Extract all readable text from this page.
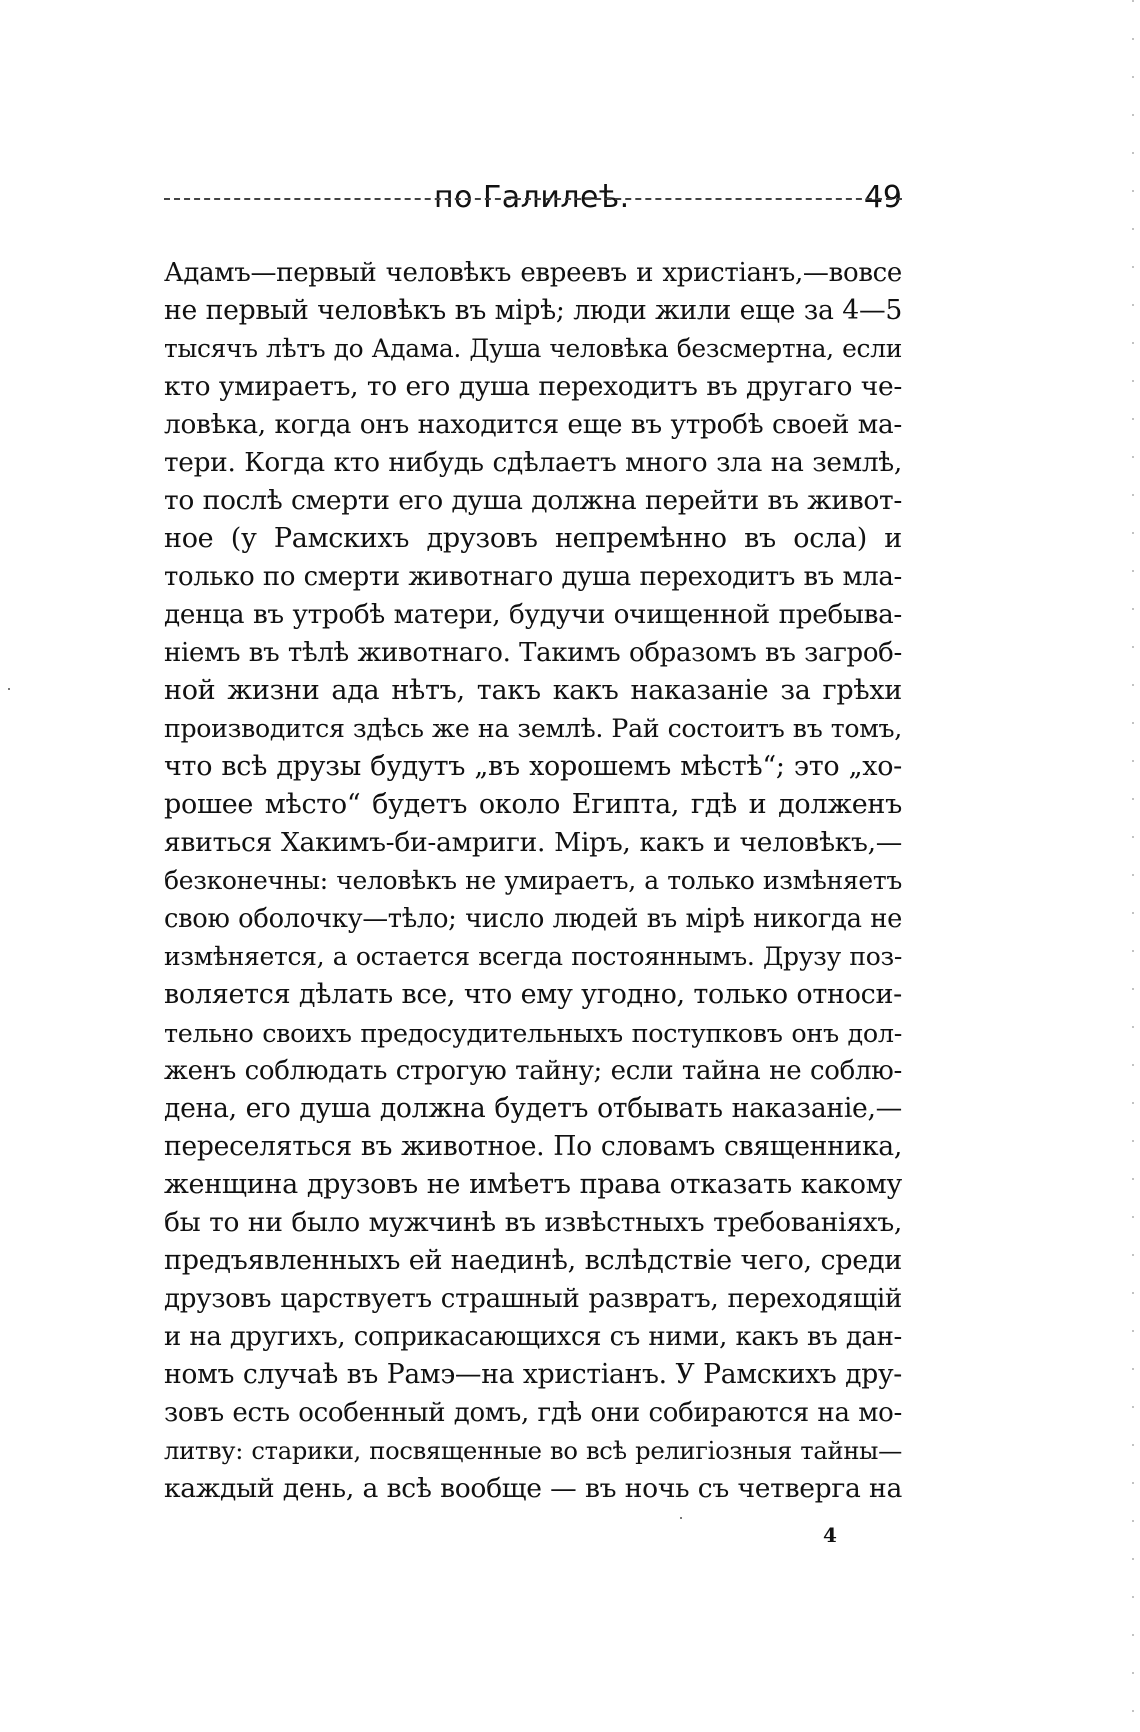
по Галилеѣ.	49
Адамъ—первый человѣкъ евреевъ и христіанъ,—вовсе
не первый человѣкъ въ мірѣ; люди жили еще за 4—5
тысячъ лѣтъ до Адама. Душа человѣка безсмертна, если
кто умираетъ, то его душа переходитъ въ другаго че-
ловѣка, когда онъ находится еще въ утробѣ своей ма-
тери. Когда кто нибудь сдѣлаетъ много зла на землѣ,
то послѣ смерти его душа должна перейти въ живот-
ное (у Рамскихъ друзовъ непремѣнно въ осла) и
только по смерти животнаго душа переходитъ въ мла-
денца въ утробѣ матери, будучи очищенной пребыва-
ніемъ въ тѣлѣ животнаго. Такимъ образомъ въ загроб-
ной жизни ада нѣтъ, такъ какъ наказаніе за грѣхи
производится здѣсь же на землѣ. Рай состоитъ въ томъ,
что всѣ друзы будутъ „въ хорошемъ мѣстѣ“; это „хо-
рошее мѣсто“ будетъ около Египта, гдѣ и долженъ
явиться Хакимъ-би-амриги. Міръ, какъ и человѣкъ,—
безконечны: человѣкъ не умираетъ, а только измѣняетъ
свою оболочку—тѣло; число людей въ мірѣ никогда не
измѣняется, а остается всегда постояннымъ. Друзу поз-
воляется дѣлать все, что ему угодно, только относи-
тельно своихъ предосудительныхъ поступковъ онъ дол-
женъ соблюдать строгую тайну; если тайна не соблю-
дена, его душа должна будетъ отбывать наказаніе,—
переселяться въ животное. По словамъ священника,
женщина друзовъ не имѣетъ права отказать какому
бы то ни было мужчинѣ въ извѣстныхъ требованіяхъ,
предъявленныхъ ей наединѣ, вслѣдствіе чего, среди
друзовъ царствуетъ страшный развратъ, переходящій
и на другихъ, соприкасающихся съ ними, какъ въ дан-
номъ случаѣ въ Рамэ—на христіанъ. У Рамскихъ дру-
зовъ есть особенный домъ, гдѣ они собираются на мо-
литву: старики, посвященные во всѣ религіозныя тайны—
каждый день, а всѣ вообще — въ ночь съ четверга на
4
